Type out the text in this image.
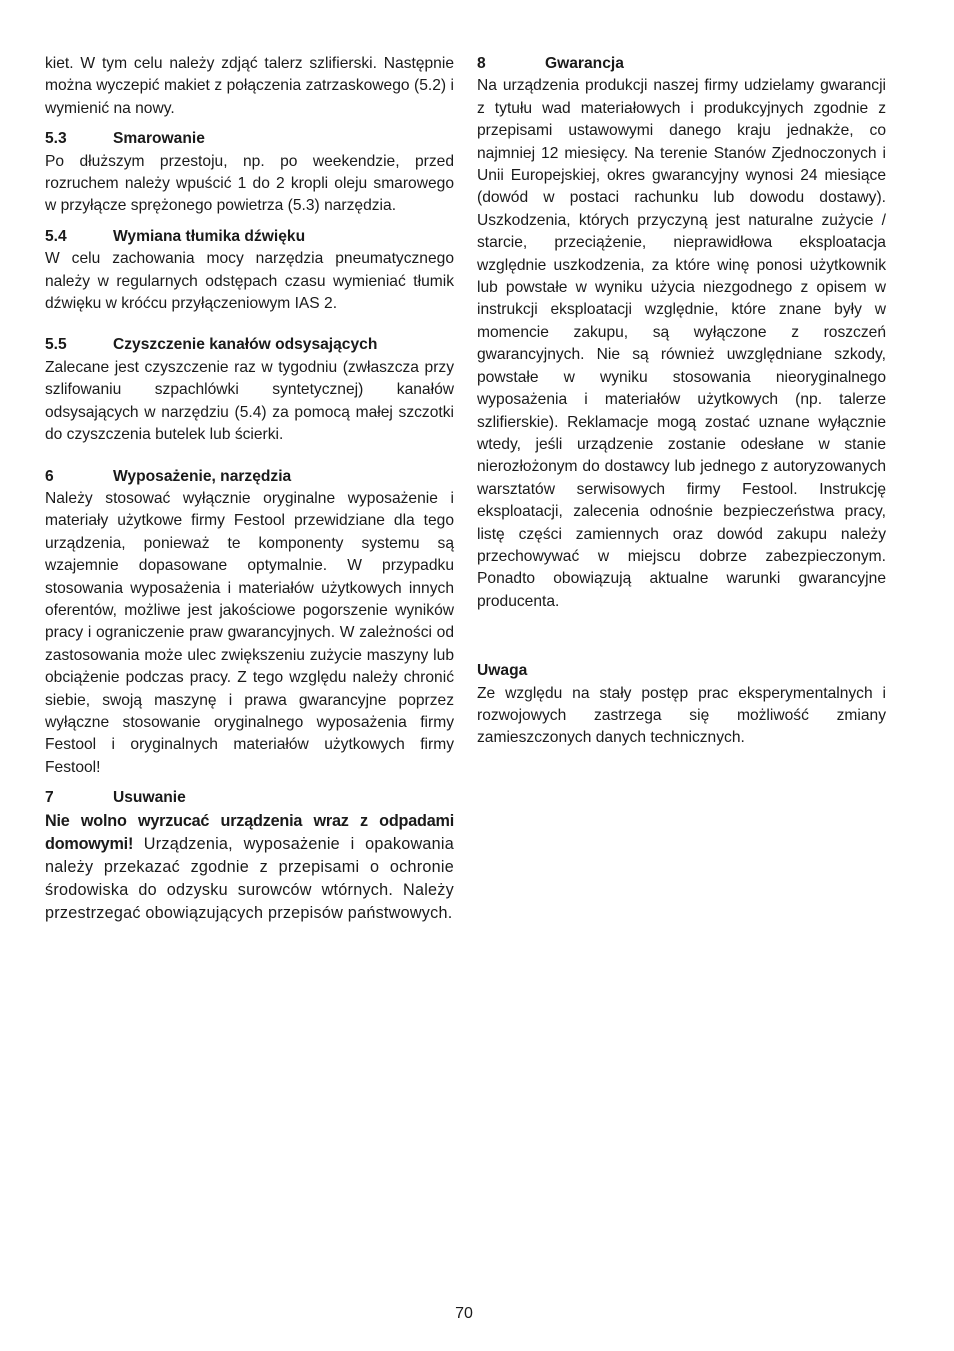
kiet. W tym celu należy zdjąć talerz szlifierski. Następnie można wyczepić makiet z połączenia zatrzaskowego (5.2) i wymienić na nowy.

5.3	Smarowanie

Po dłuższym przestoju, np. po weekendzie, przed rozruchem należy wpuścić 1 do 2 kropli oleju smarowego w przyłącze sprężonego powietrza (5.3) narzędzia.

5.4	Wymiana tłumika dźwięku

W celu zachowania mocy narzędzia pneumatycznego należy w regularnych odstępach czasu wymieniać tłumik dźwięku w króćcu przyłączeniowym IAS 2.

5.5	Czyszczenie kanałów odsysających

Zalecane jest czyszczenie raz w tygodniu (zwłaszcza przy szlifowaniu szpachlówki syntetycznej) kanałów odsysających w narzędziu (5.4) za pomocą małej szczotki do czyszczenia butelek lub ścierki.

6	Wyposażenie, narzędzia

Należy stosować wyłącznie oryginalne wyposażenie i materiały użytkowe firmy Festool przewidziane dla tego urządzenia, ponieważ te komponenty systemu są wzajemnie dopasowane optymalnie. W przypadku stosowania wyposażenia i materiałów użytkowych innych oferentów, możliwe jest jakościowe pogorszenie wyników pracy i ograniczenie praw gwarancyjnych. W zależności od zastosowania może ulec zwiększeniu zużycie maszyny lub obciążenie podczas pracy. Z tego względu należy chronić siebie, swoją maszynę i prawa gwarancyjne poprzez wyłączne stosowanie oryginalnego wyposażenia firmy Festool i oryginalnych materiałów użytkowych firmy Festool!

7	Usuwanie

Nie wolno wyrzucać urządzenia wraz z odpadami domowymi! Urządzenia, wyposażenie i opakowania należy przekazać zgodnie z przepisami o ochronie środowiska do odzysku surowców wtórnych. Należy przestrzegać obowiązujących przepisów państwowych.

8	Gwarancja

Na urządzenia produkcji naszej firmy udzielamy gwarancji z tytułu wad materiałowych i produkcyjnych zgodnie z przepisami ustawowymi danego kraju jednakże, co najmniej 12 miesięcy. Na terenie Stanów Zjednoczonych i Unii Europejskiej, okres gwarancyjny wynosi 24 miesiące (dowód w postaci rachunku lub dowodu dostawy). Uszkodzenia, których przyczyną jest naturalne zużycie / starcie, przeciążenie, nieprawidłowa eksploatacja względnie uszkodzenia, za które winę ponosi użytkownik lub powstałe w wyniku użycia niezgodnego z opisem w instrukcji eksploatacji względnie, które znane były w momencie zakupu, są wyłączone z roszczeń gwarancyjnych. Nie są również uwzględniane szkody, powstałe w wyniku stosowania nieoryginalnego wyposażenia i materiałów użytkowych (np. talerze szlifierskie). Reklamacje mogą zostać uznane wyłącznie wtedy, jeśli urządzenie zostanie odesłane w stanie nierozłożonym do dostawcy lub jednego z autoryzowanych warsztatów serwisowych firmy Festool. Instrukcję eksploatacji, zalecenia odnośnie bezpieczeństwa pracy, listę części zamiennych oraz dowód zakupu należy przechowywać w miejscu dobrze zabezpieczonym. Ponadto obowiązują aktualne warunki gwarancyjne producenta.

Uwaga

Ze względu na stały postęp prac eksperymentalnych i rozwojowych zastrzega się możliwość zmiany zamieszczonych danych technicznych.

70
